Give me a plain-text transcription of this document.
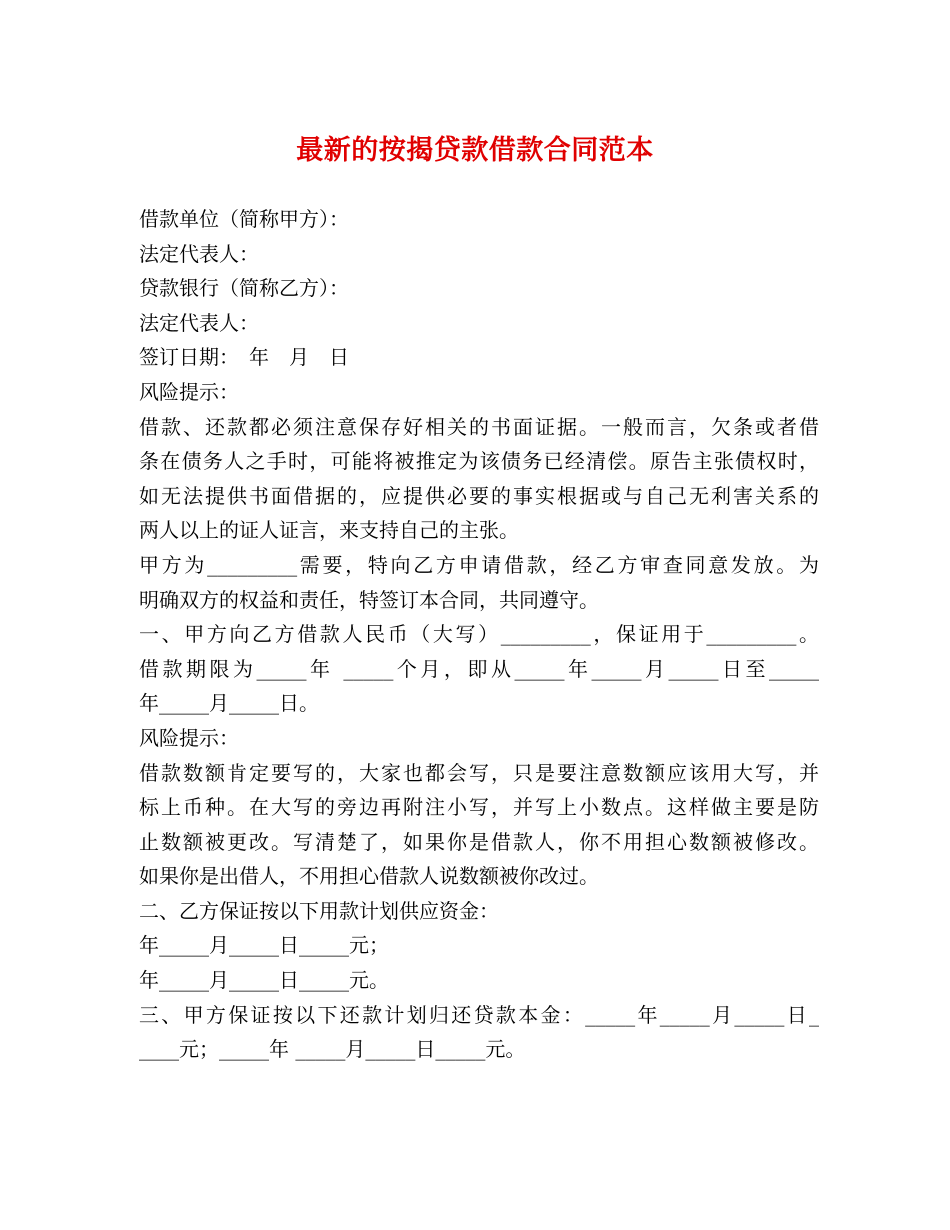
最新的按揭贷款借款合同范本
借款单位（简称甲方）：
法定代表人：
贷款银行（简称乙方）：
法定代表人：
签订日期：　年　月　日
风险提示：
借款、还款都必须注意保存好相关的书面证据。一般而言，欠条或者借
条在债务人之手时，可能将被推定为该债务已经清偿。原告主张债权时，
如无法提供书面借据的，应提供必要的事实根据或与自己无利害关系的
两人以上的证人证言，来支持自己的主张。
甲方为_________需要，特向乙方申请借款，经乙方审查同意发放。为
明确双方的权益和责任，特签订本合同，共同遵守。
一、甲方向乙方借款人民币（大写）_________，保证用于_________。
借款期限为_____年 _____个月，即从_____年_____月_____日至_____
年_____月_____日。
风险提示：
借款数额肯定要写的，大家也都会写，只是要注意数额应该用大写，并
标上币种。在大写的旁边再附注小写，并写上小数点。这样做主要是防
止数额被更改。写清楚了，如果你是借款人，你不用担心数额被修改。
如果你是出借人，不用担心借款人说数额被你改过。
二、乙方保证按以下用款计划供应资金：
年_____月_____日_____元；
年_____月_____日_____元。
三、甲方保证按以下还款计划归还贷款本金：_____年_____月_____日_
____元；_____年 _____月_____日_____元。
